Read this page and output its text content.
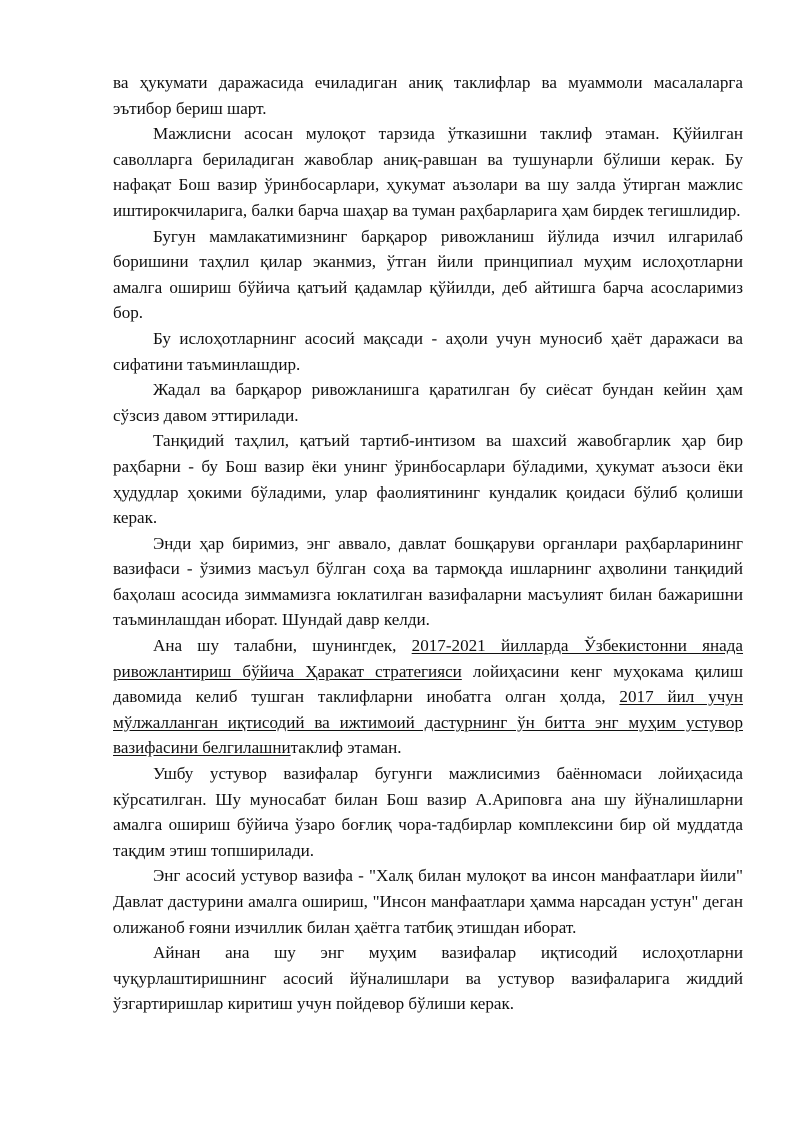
ва ҳукумати даражасида ечиладиган аниқ таклифлар ва муаммоли масалаларга эътибор бериш шарт.

Мажлисни асосан мулоқот тарзида ўтказишни таклиф этаман. Қўйилган саволларга бериладиган жавоблар аниқ-равшан ва тушунарли бўлиши керак. Бу нафақат Бош вазир ўринбосарлари, ҳукумат аъзолари ва шу залда ўтирган мажлис иштирокчиларига, балки барча шаҳар ва туман раҳбарларига ҳам бирдек тегишлидир.

Бугун мамлакатимизнинг барқарор ривожланиш йўлида изчил илгарилаб боришини таҳлил қилар эканмиз, ўтган йили принципиал муҳим ислоҳотларни амалга ошириш бўйича қатъий қадамлар қўйилди, деб айтишга барча асосларимиз бор.

Бу ислоҳотларнинг асосий мақсади - аҳоли учун муносиб ҳаёт даражаси ва сифатини таъминлашдир.

Жадал ва барқарор ривожланишга қаратилган бу сиёсат бундан кейин ҳам сўзсиз давом эттирилади.

Танқидий таҳлил, қатъий тартиб-интизом ва шахсий жавобгарлик ҳар бир раҳбарни - бу Бош вазир ёки унинг ўринбосарлари бўладими, ҳукумат аъзоси ёки ҳудудлар ҳокими бўладими, улар фаолиятининг кундалик қоидаси бўлиб қолиши керак.

Энди ҳар биримиз, энг аввало, давлат бошқаруви органлари раҳбарларининг вазифаси - ўзимиз масъул бўлган соҳа ва тармоқда ишларнинг аҳволини танқидий баҳолаш асосида зиммамизга юклатилган вазифаларни масъулият билан бажаришни таъминлашдан иборат. Шундай давр келди.

Ана шу талабни, шунингдек, 2017-2021 йилларда Ўзбекистонни янада ривожлантириш бўйича Ҳаракат стратегияси лойиҳасини кенг муҳокама қилиш давомида келиб тушган таклифларни инобатга олган ҳолда, 2017 йил учун мўлжалланган иқтисодий ва ижтимоий дастурнинг ўн битта энг муҳим устувор вазифасини белгилашнитаклиф этаман.

Ушбу устувор вазифалар бугунги мажлисимиз баённомаси лойиҳасида кўрсатилган. Шу муносабат билан Бош вазир А.Ариповга ана шу йўналишларни амалга ошириш бўйича ўзаро боғлиқ чора-тадбирлар комплексини бир ой муддатда тақдим этиш топширилади.

Энг асосий устувор вазифа - "Халқ билан мулоқот ва инсон манфаатлари йили" Давлат дастурини амалга ошириш, "Инсон манфаатлари ҳамма нарсадан устун" деган олижаноб ғояни изчиллик билан ҳаётга татбиқ этишдан иборат.

Айнан ана шу энг муҳим вазифалар иқтисодий ислоҳотларни чуқурлаштиришнинг асосий йўналишлари ва устувор вазифаларига жиддий ўзгартиришлар киритиш учун пойдевор бўлиши керак.
